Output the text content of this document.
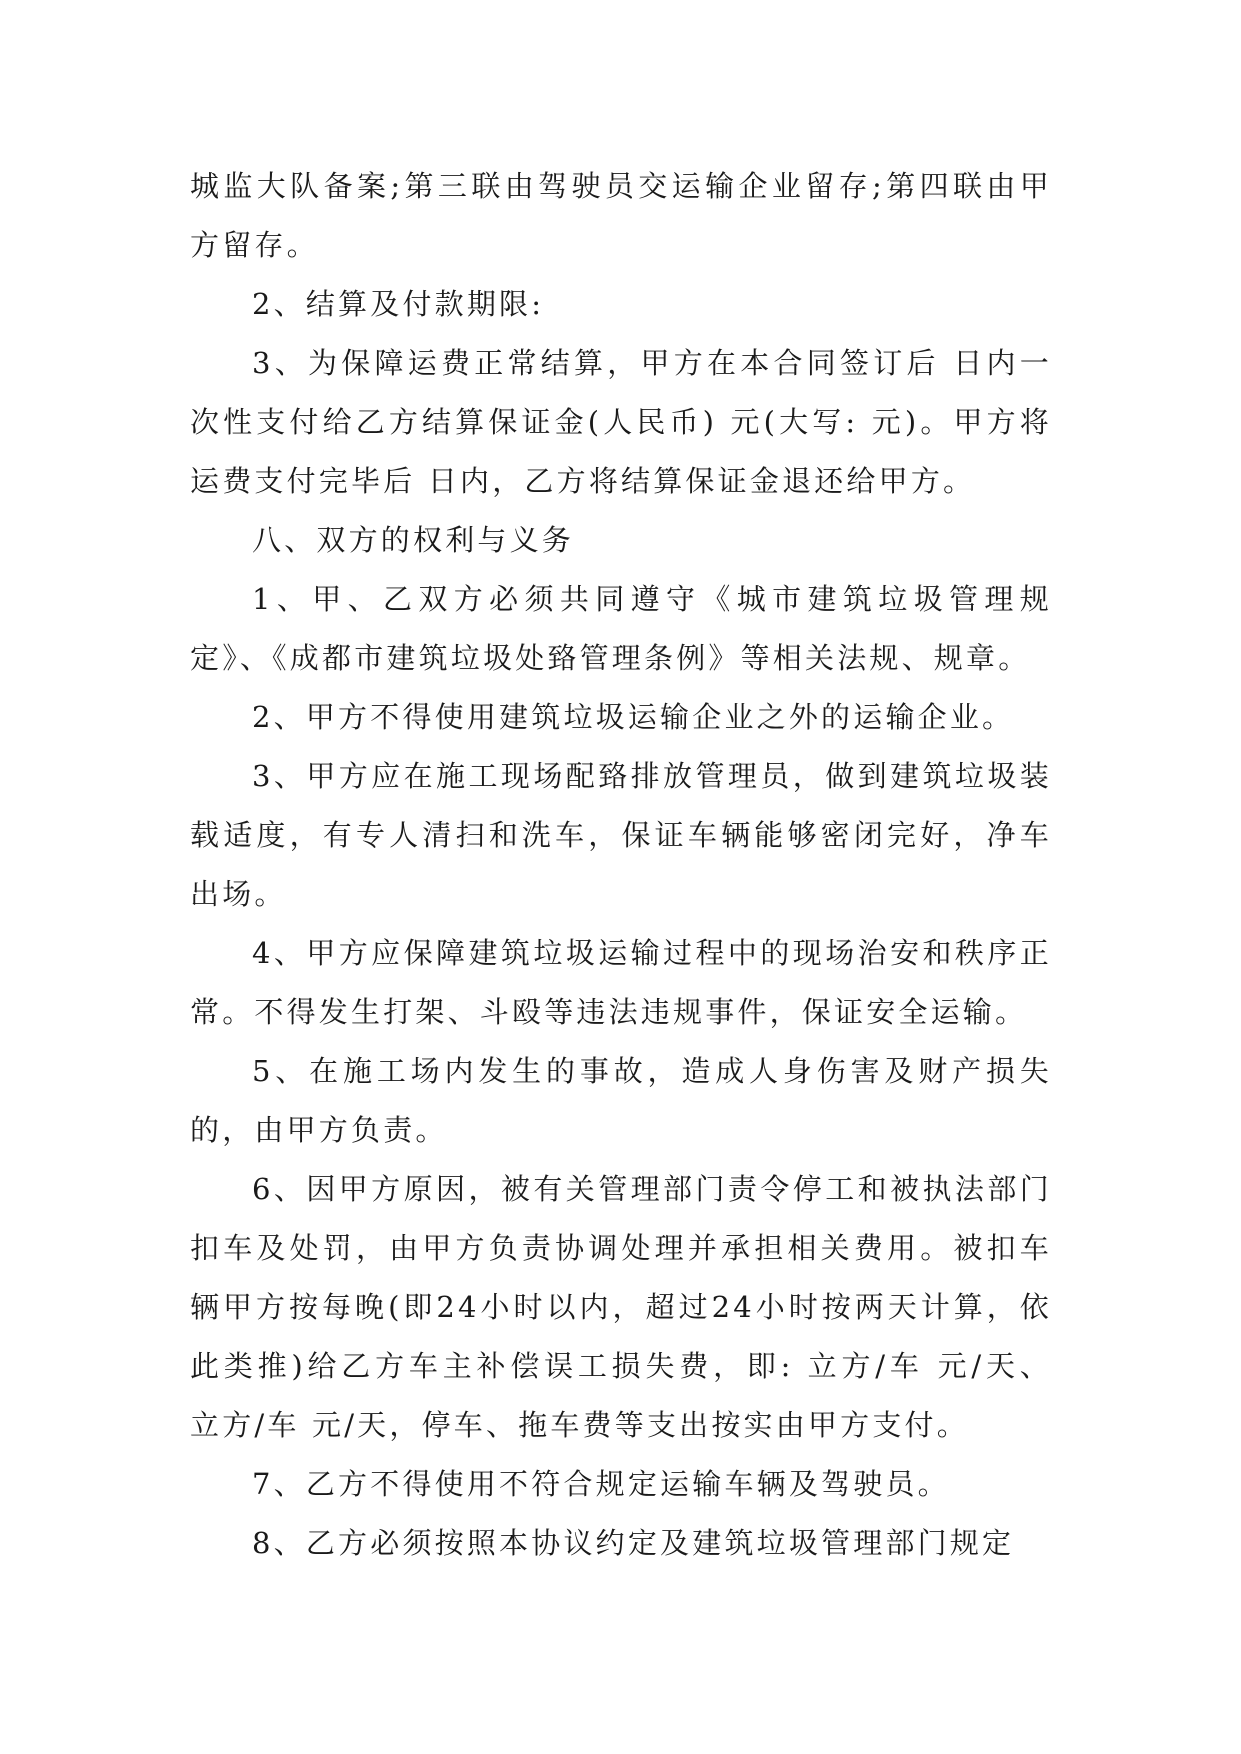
城监大队备案;第三联由驾驶员交运输企业留存;第四联由甲方留存。

2、结算及付款期限:

3、为保障运费正常结算，甲方在本合同签订后 日内一次性支付给乙方结算保证金(人民币) 元(大写: 元)。甲方将运费支付完毕后 日内，乙方将结算保证金退还给甲方。

八、双方的权利与义务

1、甲、乙双方必须共同遵守《城市建筑垃圾管理规定》、《成都市建筑垃圾处臵管理条例》等相关法规、规章。

2、甲方不得使用建筑垃圾运输企业之外的运输企业。

3、甲方应在施工现场配臵排放管理员，做到建筑垃圾装载适度，有专人清扫和洗车，保证车辆能够密闭完好，净车出场。

4、甲方应保障建筑垃圾运输过程中的现场治安和秩序正常。不得发生打架、斗殴等违法违规事件，保证安全运输。

5、在施工场内发生的事故，造成人身伤害及财产损失的，由甲方负责。

6、因甲方原因，被有关管理部门责令停工和被执法部门扣车及处罚，由甲方负责协调处理并承担相关费用。被扣车辆甲方按每晚(即24小时以内，超过24小时按两天计算，依此类推)给乙方车主补偿误工损失费，即: 立方/车 元/天、 立方/车 元/天，停车、拖车费等支出按实由甲方支付。

7、乙方不得使用不符合规定运输车辆及驾驶员。

8、乙方必须按照本协议约定及建筑垃圾管理部门规定
